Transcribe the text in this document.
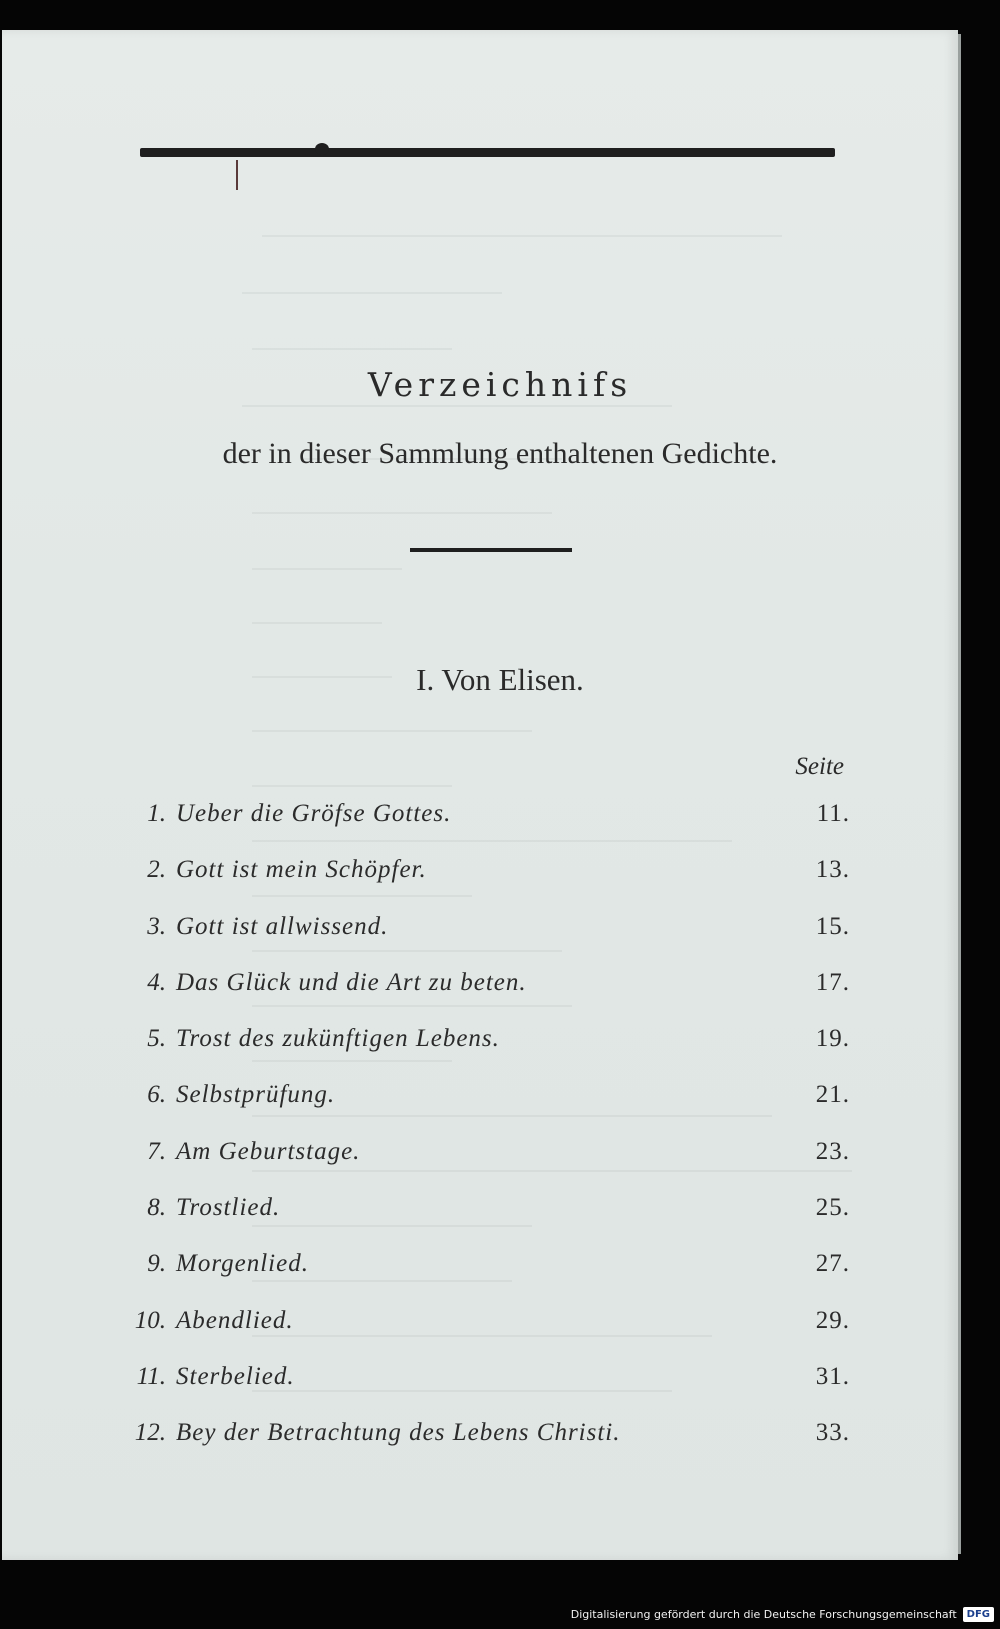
Verzeichnifs
der in dieser Sammlung enthaltenen Gedichte.
I. Von Elisen.
Seite
1. Ueber die Gröfse Gottes.	11.
2. Gott ist mein Schöpfer.	13.
3. Gott ist allwissend.	15.
4. Das Glück und die Art zu beten.	17.
5. Trost des zukünftigen Lebens.	19.
6. Selbstprüfung.	21.
7. Am Geburtstage.	23.
8. Trostlied.	25.
9. Morgenlied.	27.
10. Abendlied.	29.
11. Sterbelied.	31.
12. Bey der Betrachtung des Lebens Christi.	33.
Digitalisierung gefördert durch die Deutsche Forschungsgemeinschaft	DFG
